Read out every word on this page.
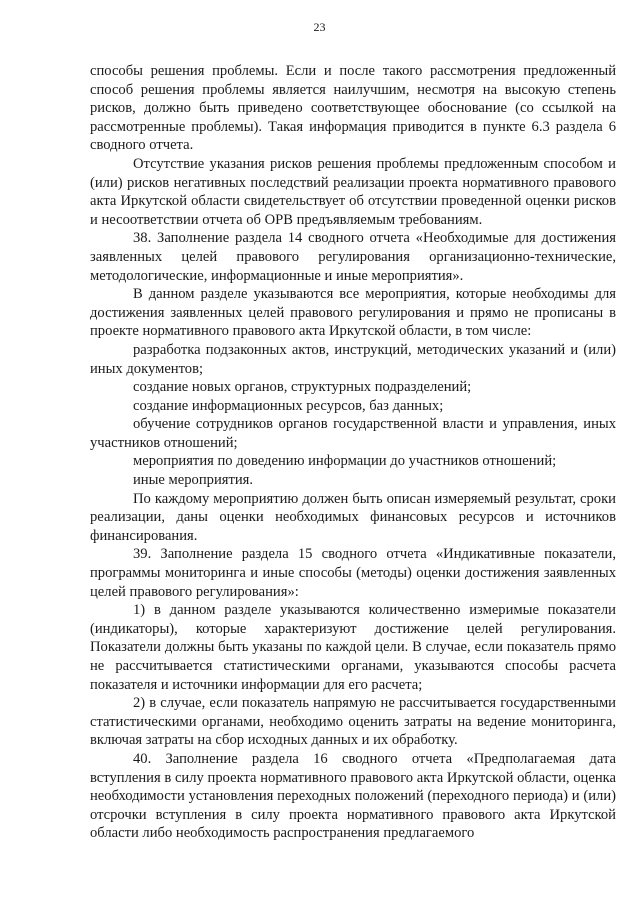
23

способы решения проблемы. Если и после такого рассмотрения предложенный способ решения проблемы является наилучшим, несмотря на высокую степень рисков, должно быть приведено соответствующее обоснование (со ссылкой на рассмотренные проблемы). Такая информация приводится в пункте 6.3 раздела 6 сводного отчета.

Отсутствие указания рисков решения проблемы предложенным способом и (или) рисков негативных последствий реализации проекта нормативного правового акта Иркутской области свидетельствует об отсутствии проведенной оценки рисков и несоответствии отчета об ОРВ предъявляемым требованиям.

38. Заполнение раздела 14 сводного отчета «Необходимые для достижения заявленных целей правового регулирования организационно-технические, методологические, информационные и иные мероприятия».

В данном разделе указываются все мероприятия, которые необходимы для достижения заявленных целей правового регулирования и прямо не прописаны в проекте нормативного правового акта Иркутской области, в том числе:

разработка подзаконных актов, инструкций, методических указаний и (или) иных документов;

создание новых органов, структурных подразделений;

создание информационных ресурсов, баз данных;

обучение сотрудников органов государственной власти и управления, иных участников отношений;

мероприятия по доведению информации до участников отношений;

иные мероприятия.

По каждому мероприятию должен быть описан измеряемый результат, сроки реализации, даны оценки необходимых финансовых ресурсов и источников финансирования.

39. Заполнение раздела 15 сводного отчета «Индикативные показатели, программы мониторинга и иные способы (методы) оценки достижения заявленных целей правового регулирования»:

1) в данном разделе указываются количественно измеримые показатели (индикаторы), которые характеризуют достижение целей регулирования. Показатели должны быть указаны по каждой цели. В случае, если показатель прямо не рассчитывается статистическими органами, указываются способы расчета показателя и источники информации для его расчета;

2) в случае, если показатель напрямую не рассчитывается государственными статистическими органами, необходимо оценить затраты на ведение мониторинга, включая затраты на сбор исходных данных и их обработку.

40. Заполнение раздела 16 сводного отчета «Предполагаемая дата вступления в силу проекта нормативного правового акта Иркутской области, оценка необходимости установления переходных положений (переходного периода) и (или) отсрочки вступления в силу проекта нормативного правового акта Иркутской области либо необходимость распространения предлагаемого
